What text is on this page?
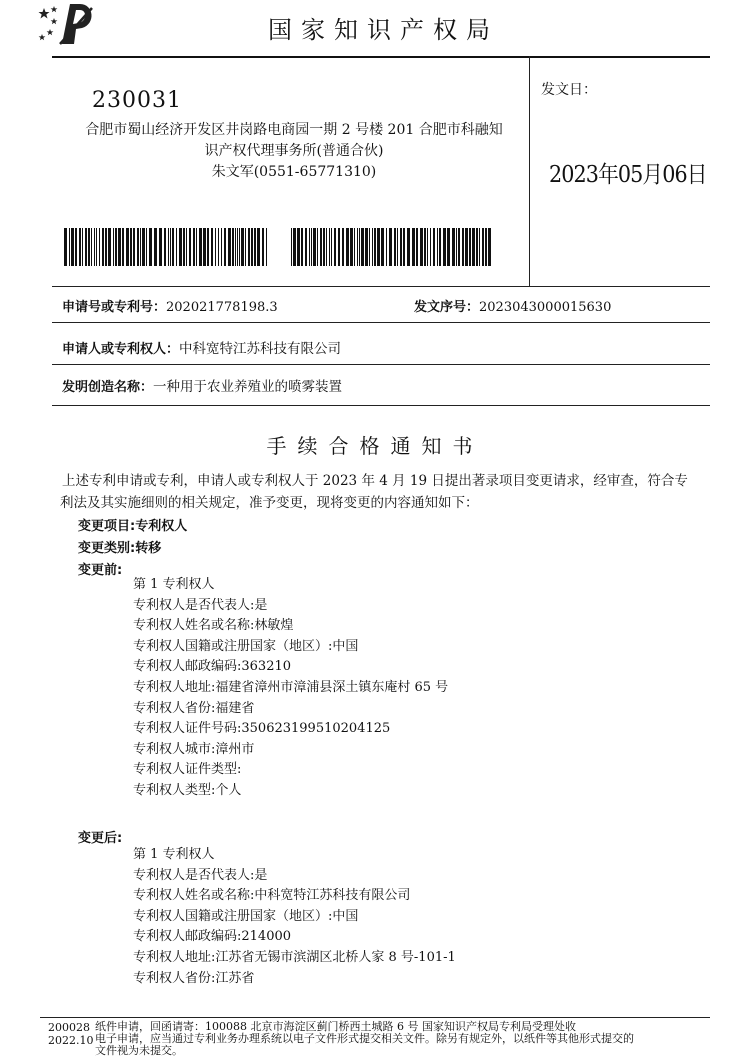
国家知识产权局
230031
合肥市蜀山经济开发区井岗路电商园一期 2 号楼 201 合肥市科融知
识产权代理事务所(普通合伙)
朱文军(0551-65771310)
发文日：
2023年05月06日
申请号或专利号：202021778198.3	发文序号：2023043000015630
申请人或专利权人：中科宽特江苏科技有限公司
发明创造名称：一种用于农业养殖业的喷雾装置
手续合格通知书
上述专利申请或专利，申请人或专利权人于 2023 年 4 月 19 日提出著录项目变更请求，经审查，符合专
利法及其实施细则的相关规定，准予变更，现将变更的内容通知如下：
变更项目:专利权人
变更类别:转移
变更前:
第 1 专利权人
专利权人是否代表人:是
专利权人姓名或名称:林敏煌
专利权人国籍或注册国家（地区）:中国
专利权人邮政编码:363210
专利权人地址:福建省漳州市漳浦县深土镇东庵村 65 号
专利权人省份:福建省
专利权人证件号码:350623199510204125
专利权人城市:漳州市
专利权人证件类型:
专利权人类型:个人
变更后:
第 1 专利权人
专利权人是否代表人:是
专利权人姓名或名称:中科宽特江苏科技有限公司
专利权人国籍或注册国家（地区）:中国
专利权人邮政编码:214000
专利权人地址:江苏省无锡市滨湖区北桥人家 8 号-101-1
专利权人省份:江苏省
200028
2022.10
纸件申请，回函请寄：100088 北京市海淀区蓟门桥西土城路 6 号 国家知识产权局专利局受理处收
电子申请，应当通过专利业务办理系统以电子文件形式提交相关文件。除另有规定外，以纸件等其他形式提交的
文件视为未提交。
